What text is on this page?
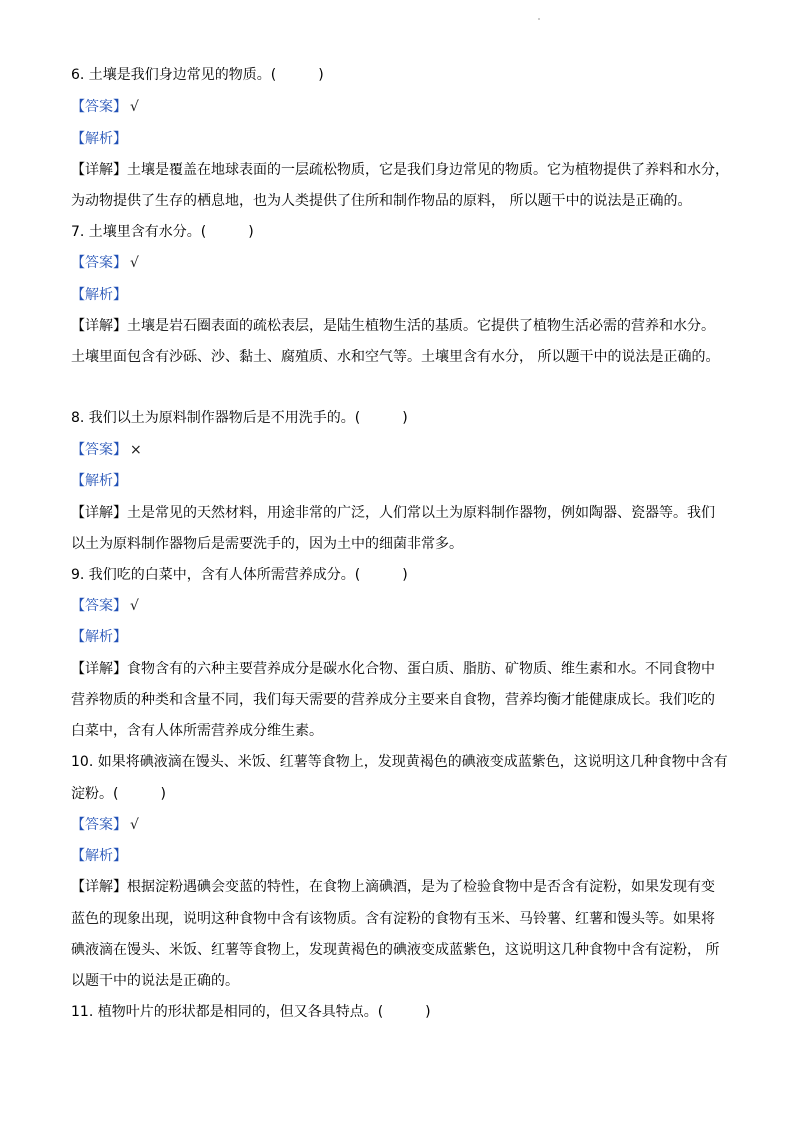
6. 土壤是我们身边常见的物质。(　　　)
【答案】 √
【解析】
【详解】土壤是覆盖在地球表面的一层疏松物质，它是我们身边常见的物质。它为植物提供了养料和水分，
为动物提供了生存的栖息地，也为人类提供了住所和制作物品的原料， 所以题干中的说法是正确的。
7. 土壤里含有水分。(　　　)
【答案】 √
【解析】
【详解】土壤是岩石圈表面的疏松表层，是陆生植物生活的基质。它提供了植物生活必需的营养和水分。
土壤里面包含有沙砾、沙、黏土、腐殖质、水和空气等。土壤里含有水分， 所以题干中的说法是正确的。
8. 我们以土为原料制作器物后是不用洗手的。(　　　)
【答案】 ×
【解析】
【详解】土是常见的天然材料，用途非常的广泛，人们常以土为原料制作器物，例如陶器、瓷器等。我们
以土为原料制作器物后是需要洗手的，因为土中的细菌非常多。
9. 我们吃的白菜中，含有人体所需营养成分。(　　　)
【答案】 √
【解析】
【详解】食物含有的六种主要营养成分是碳水化合物、蛋白质、脂肪、矿物质、维生素和水。不同食物中
营养物质的种类和含量不同，我们每天需要的营养成分主要来自食物，营养均衡才能健康成长。我们吃的
白菜中，含有人体所需营养成分维生素。
10. 如果将碘液滴在馒头、米饭、红薯等食物上，发现黄褐色的碘液变成蓝紫色，这说明这几种食物中含有
淀粉。(　　　)
【答案】 √
【解析】
【详解】根据淀粉遇碘会变蓝的特性，在食物上滴碘酒，是为了检验食物中是否含有淀粉，如果发现有变
蓝色的现象出现，说明这种食物中含有该物质。含有淀粉的食物有玉米、马铃薯、红薯和馒头等。如果将
碘液滴在馒头、米饭、红薯等食物上，发现黄褐色的碘液变成蓝紫色，这说明这几种食物中含有淀粉， 所
以题干中的说法是正确的。
11. 植物叶片的形状都是相同的，但又各具特点。(　　　)
